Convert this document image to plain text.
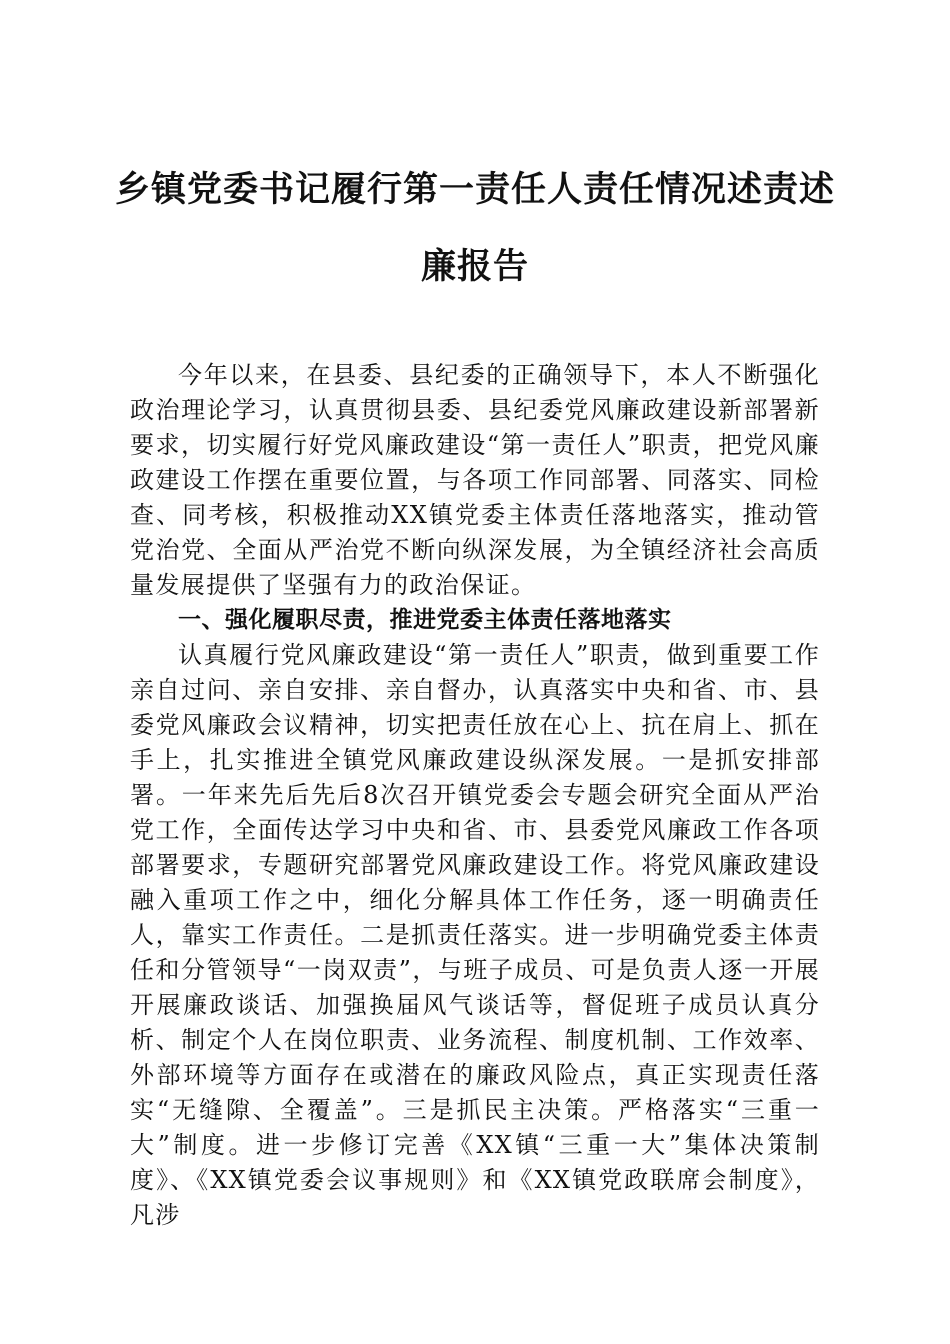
乡镇党委书记履行第一责任人责任情况述责述
廉报告

今年以来，在县委、县纪委的正确领导下，本人不断强化政治理论学习，认真贯彻县委、县纪委党风廉政建设新部署新要求，切实履行好党风廉政建设“第一责任人”职责，把党风廉政建设工作摆在重要位置，与各项工作同部署、同落实、同检查、同考核，积极推动XX镇党委主体责任落地落实，推动管党治党、全面从严治党不断向纵深发展，为全镇经济社会高质量发展提供了坚强有力的政治保证。

一、强化履职尽责，推进党委主体责任落地落实

认真履行党风廉政建设“第一责任人”职责，做到重要工作亲自过问、亲自安排、亲自督办，认真落实中央和省、市、县委党风廉政会议精神，切实把责任放在心上、抗在肩上、抓在手上，扎实推进全镇党风廉政建设纵深发展。一是抓安排部署。一年来先后先后8次召开镇党委会专题会研究全面从严治党工作，全面传达学习中央和省、市、县委党风廉政工作各项部署要求，专题研究部署党风廉政建设工作。将党风廉政建设融入重项工作之中，细化分解具体工作任务，逐一明确责任人，靠实工作责任。二是抓责任落实。进一步明确党委主体责任和分管领导“一岗双责”，与班子成员、可是负责人逐一开展开展廉政谈话、加强换届风气谈话等，督促班子成员认真分析、制定个人在岗位职责、业务流程、制度机制、工作效率、外部环境等方面存在或潜在的廉政风险点，真正实现责任落实“无缝隙、全覆盖”。三是抓民主决策。严格落实“三重一大”制度。进一步修订完善《XX镇“三重一大”集体决策制度》、《XX镇党委会议事规则》和《XX镇党政联席会制度》，凡涉
